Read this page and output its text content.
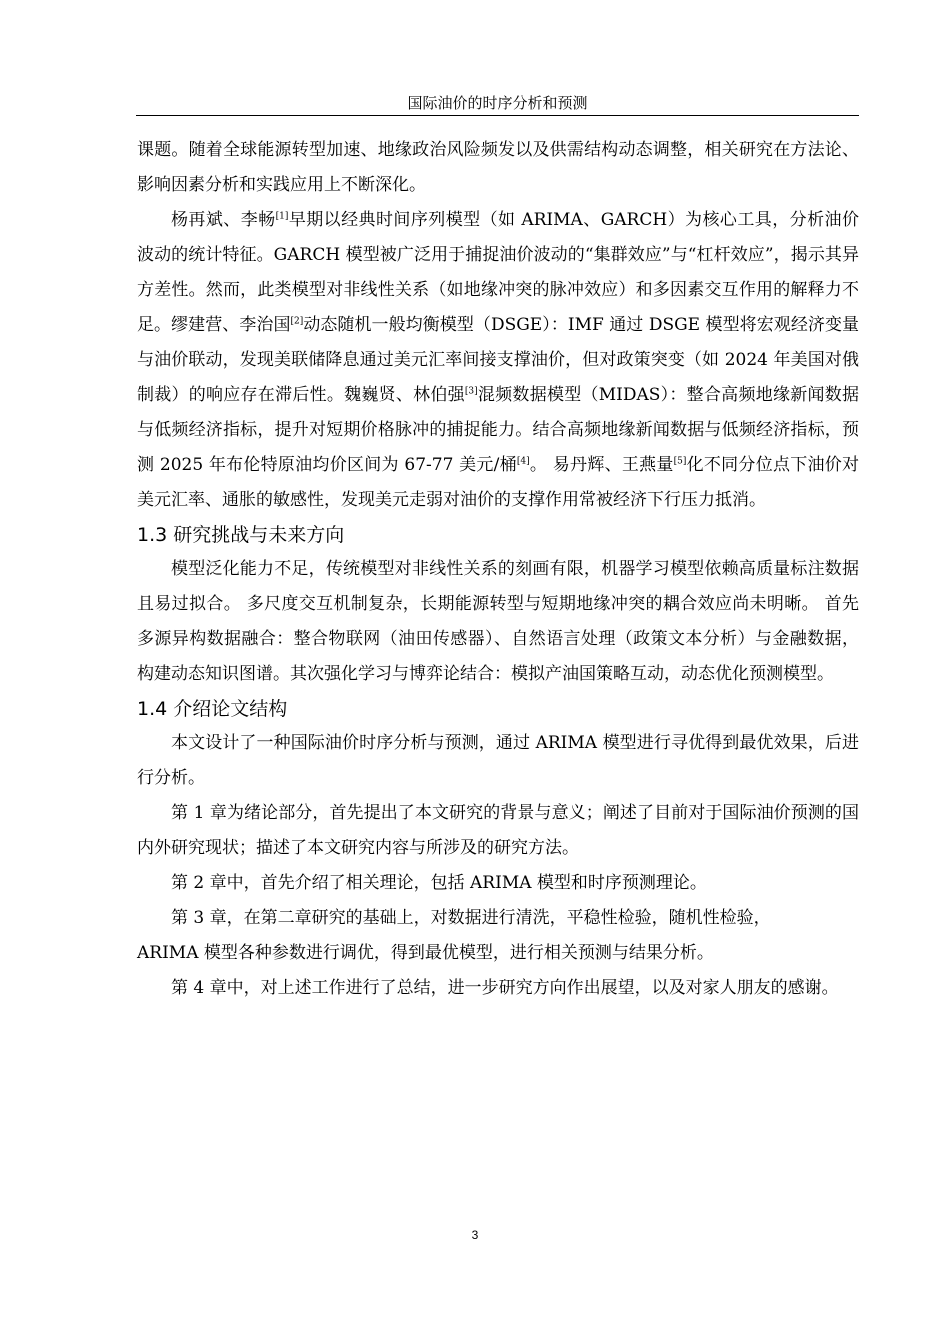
国际油价的时序分析和预测

课题。随着全球能源转型加速、地缘政治风险频发以及供需结构动态调整，相关研究在方法论、影响因素分析和实践应用上不断深化。

杨再斌、李畅[1]早期以经典时间序列模型（如 ARIMA、GARCH）为核心工具，分析油价波动的统计特征。GARCH 模型被广泛用于捕捉油价波动的“集群效应”与“杠杆效应”，揭示其异方差性。然而，此类模型对非线性关系（如地缘冲突的脉冲效应）和多因素交互作用的解释力不足。缪建营、李治国[2]动态随机一般均衡模型（DSGE）：IMF 通过 DSGE 模型将宏观经济变量与油价联动，发现美联储降息通过美元汇率间接支撑油价，但对政策突变（如 2024 年美国对俄制裁）的响应存在滞后性。魏巍贤、林伯强[3]混频数据模型（MIDAS）：整合高频地缘新闻数据与低频经济指标，提升对短期价格脉冲的捕捉能力。结合高频地缘新闻数据与低频经济指标，预测 2025 年布伦特原油均价区间为 67-77 美元/桶[4]。 易丹辉、王燕量[5]化不同分位点下油价对美元汇率、通胀的敏感性，发现美元走弱对油价的支撑作用常被经济下行压力抵消。

1.3 研究挑战与未来方向

模型泛化能力不足，传统模型对非线性关系的刻画有限，机器学习模型依赖高质量标注数据且易过拟合。 多尺度交互机制复杂，长期能源转型与短期地缘冲突的耦合效应尚未明晰。 首先多源异构数据融合：整合物联网（油田传感器）、自然语言处理（政策文本分析）与金融数据，构建动态知识图谱。其次强化学习与博弈论结合：模拟产油国策略互动，动态优化预测模型。

1.4 介绍论文结构

本文设计了一种国际油价时序分析与预测，通过 ARIMA 模型进行寻优得到最优效果，后进行分析。

第 1 章为绪论部分，首先提出了本文研究的背景与意义；阐述了目前对于国际油价预测的国内外研究现状；描述了本文研究内容与所涉及的研究方法。

第 2 章中，首先介绍了相关理论，包括 ARIMA 模型和时序预测理论。

第 3 章，在第二章研究的基础上，对数据进行清洗，平稳性检验，随机性检验，

ARIMA 模型各种参数进行调优，得到最优模型，进行相关预测与结果分析。

第 4 章中，对上述工作进行了总结，进一步研究方向作出展望，以及对家人朋友的感谢。

3
